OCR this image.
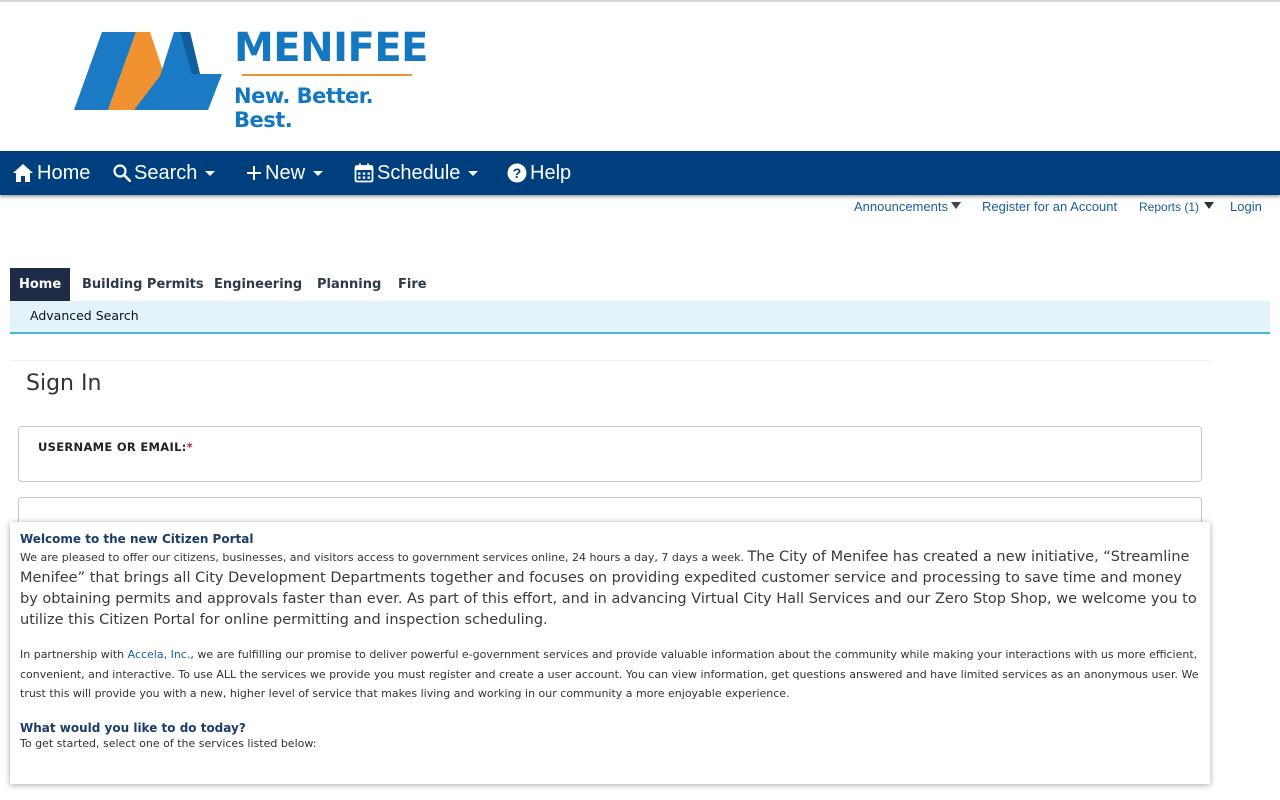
MENIFEE
New. Better. Best.
Home Search	New	Schedule	? Help
Announcements	Register for an Account Reports (1)	Login
Home	Building Permits Engineering	Planning	Fire
Advanced Search
Sign In
USERNAME OR EMAIL:*
Welcome to the new Citizen Portal
We are pleased to offer our citizens, businesses, and visitors access to government services online, 24 hours a day, 7 days a week. The City of Menifee has created a new initiative, “Streamline Menifee” that brings all City Development Departments together and focuses on providing expedited customer service and processing to save time and money by obtaining permits and approvals faster than ever. As part of this effort, and in advancing Virtual City Hall Services and our Zero Stop Shop, we welcome you to utilize this Citizen Portal for online permitting and inspection scheduling.
In partnership with Accela, Inc., we are fulfilling our promise to deliver powerful e-government services and provide valuable information about the community while making your interactions with us more efficient, convenient, and interactive. To use ALL the services we provide you must register and create a user account. You can view information, get questions answered and have limited services as an anonymous user. We trust this will provide you with a new, higher level of service that makes living and working in our community a more enjoyable experience.
What would you like to do today?
To get started, select one of the services listed below:
